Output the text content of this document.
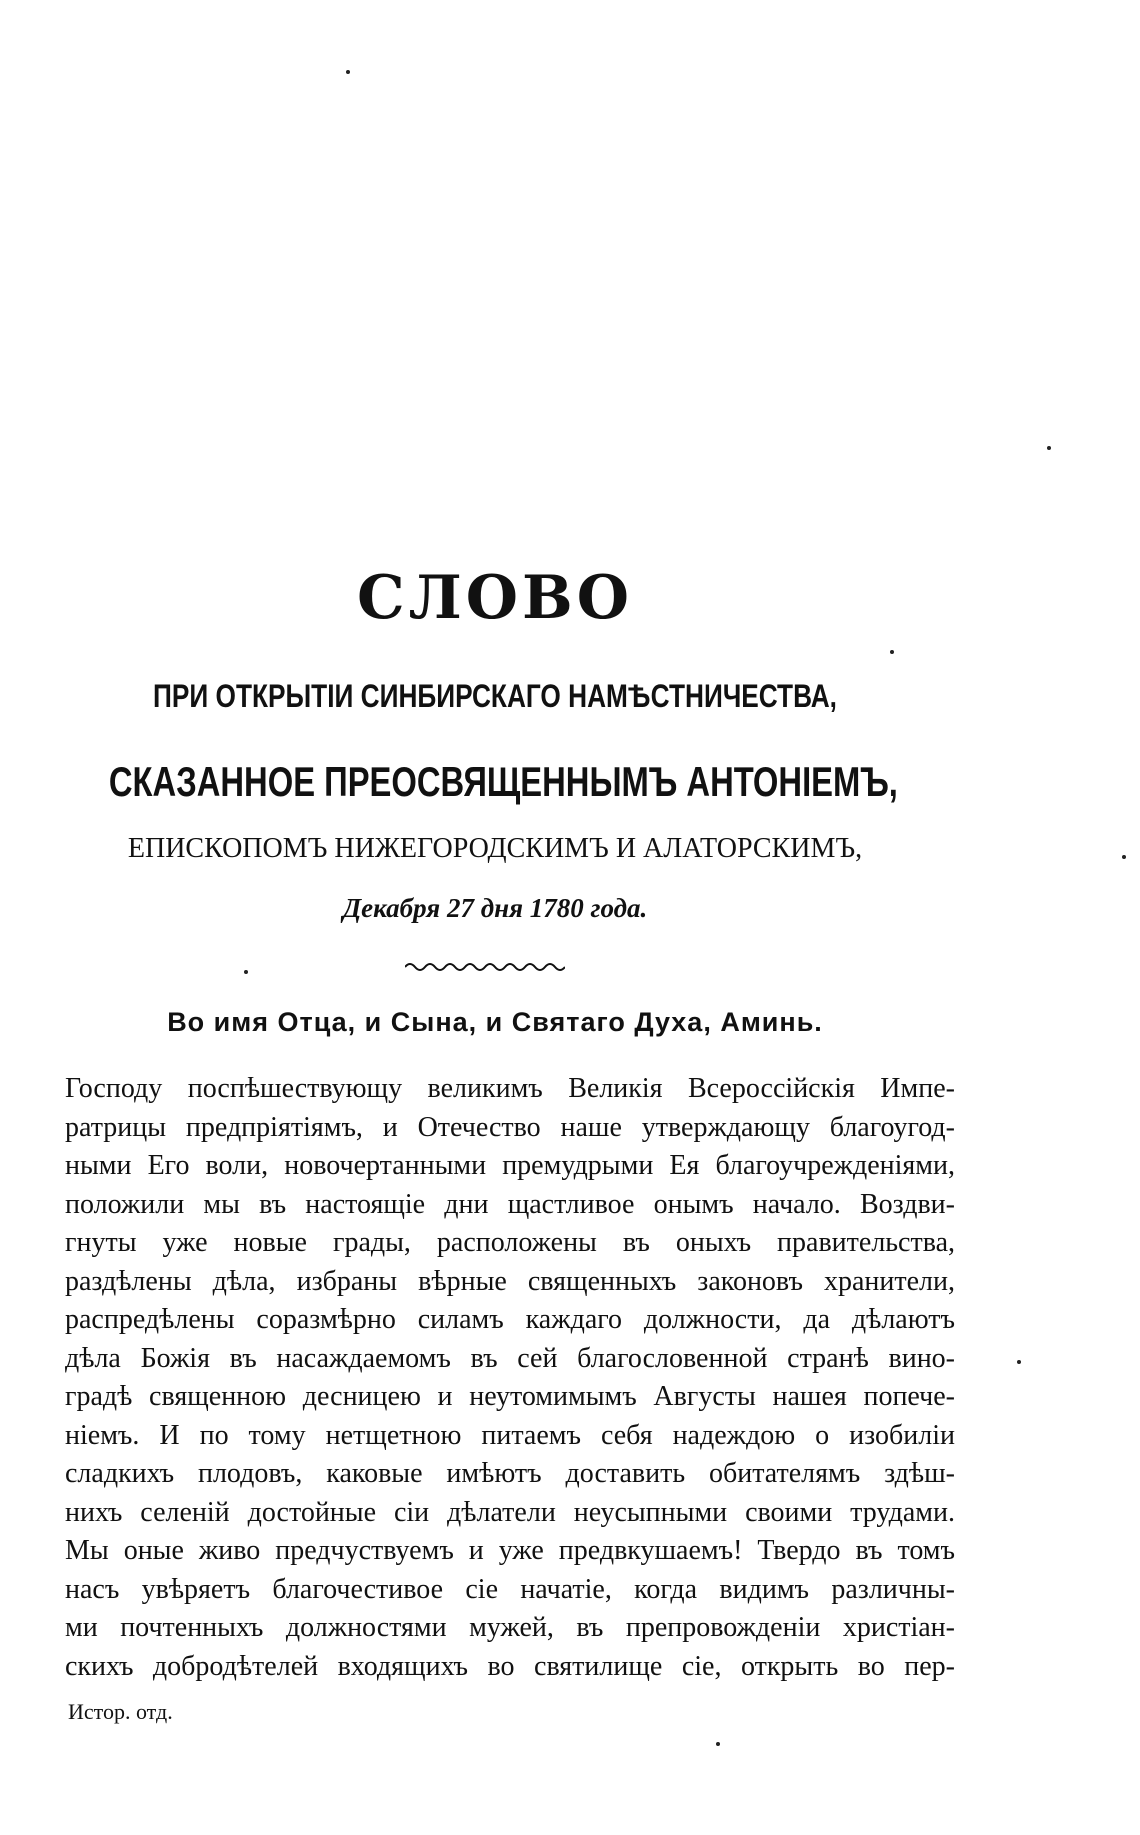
СЛОВО
ПРИ ОТКРЫТІИ СИНБИРСКАГО НАМѢСТНИЧЕСТВА,
СКАЗАННОЕ ПРЕОСВЯЩЕННЫМЪ АНТОНІЕМЪ,
ЕПИСКОПОМЪ НИЖЕГОРОДСКИМЪ И АЛАТОРСКИМЪ,
Декабря 27 дня 1780 года.
Во имя Отца, и Сына, и Святаго Духа, Аминь.
Господу поспѣшествующу великимъ Великія Всероссійскія Импе-
ратрицы предпріятіямъ, и Отечество наше утверждающу благоугод-
ными Его воли, новочертанными премудрыми Ея благоучрежденіями,
положили мы въ настоящіе дни щастливое онымъ начало. Воздви-
гнуты уже новые грады, расположены въ оныхъ правительства,
раздѣлены дѣла, избраны вѣрные священныхъ законовъ хранители,
распредѣлены соразмѣрно силамъ каждаго должности, да дѣлаютъ
дѣла Божія въ насаждаемомъ въ сей благословенной странѣ вино-
градѣ священною десницею и неутомимымъ Августы нашея попече-
ніемъ. И по тому нетщетною питаемъ себя надеждою о изобиліи
сладкихъ плодовъ, каковые имѣютъ доставить обитателямъ здѣш-
нихъ селеній достойные сіи дѣлатели неусыпными своими трудами.
Мы оные живо предчуствуемъ и уже предвкушаемъ! Твердо въ томъ
насъ увѣряетъ благочестивое сіе начатіе, когда видимъ различны-
ми почтенныхъ должностями мужей, въ препровожденіи христіан-
скихъ добродѣтелей входящихъ во святилище сіе, открыть во пер-
Истор. отд.
